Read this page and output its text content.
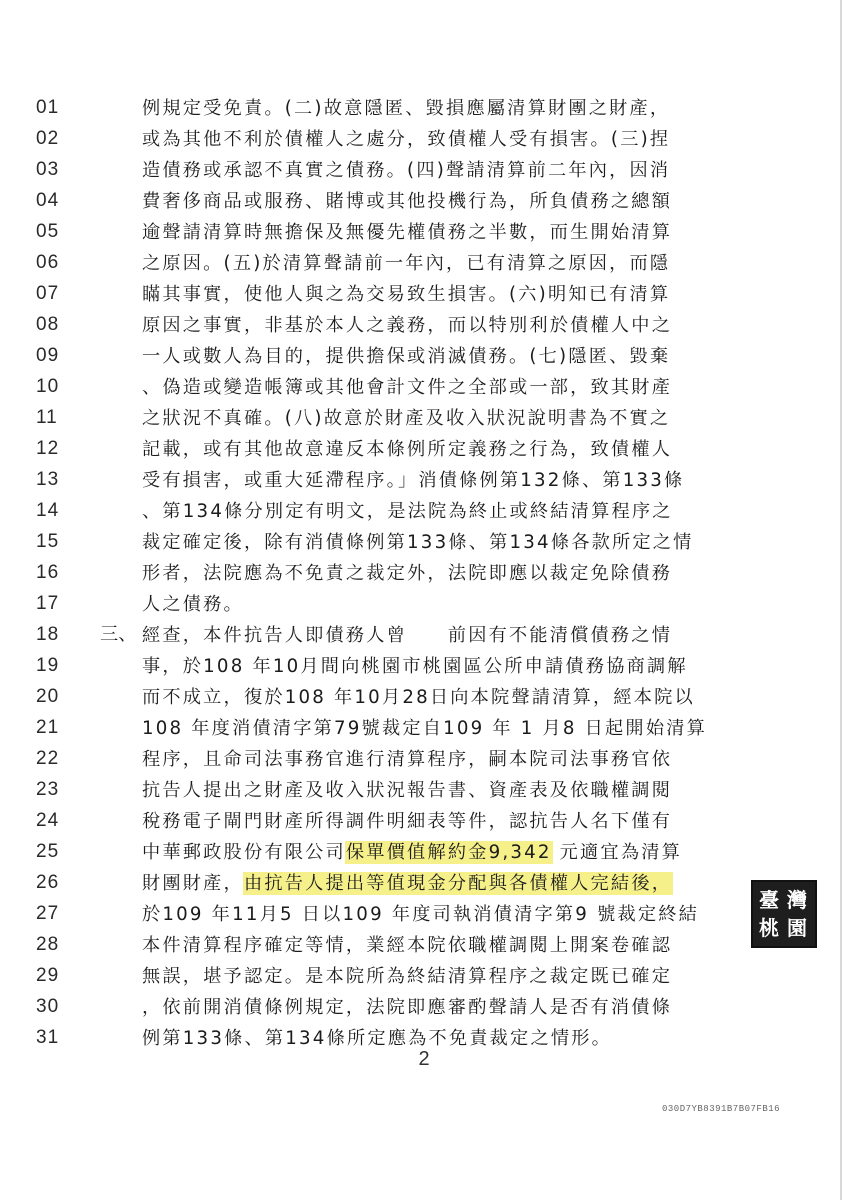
01
02
03
04
05
06
07
08
09
10
11
12
13
14
15
16
17
18
19
20
21
22
23
24
25
26
27
28
29
30
31
三、
例規定受免責。(二)故意隱匿、毀損應屬清算財團之財產，
或為其他不利於債權人之處分，致債權人受有損害。(三)捏
造債務或承認不真實之債務。(四)聲請清算前二年內，因消
費奢侈商品或服務、賭博或其他投機行為，所負債務之總額
逾聲請清算時無擔保及無優先權債務之半數，而生開始清算
之原因。(五)於清算聲請前一年內，已有清算之原因，而隱
瞞其事實，使他人與之為交易致生損害。(六)明知已有清算
原因之事實，非基於本人之義務，而以特別利於債權人中之
一人或數人為目的，提供擔保或消滅債務。(七)隱匿、毀棄
、偽造或變造帳簿或其他會計文件之全部或一部，致其財產
之狀況不真確。(八)故意於財產及收入狀況說明書為不實之
記載，或有其他故意違反本條例所定義務之行為，致債權人
受有損害，或重大延滯程序。」消債條例第132條、第133條
、第134條分別定有明文，是法院為終止或終結清算程序之
裁定確定後，除有消債條例第133條、第134條各款所定之情
形者，法院應為不免責之裁定外，法院即應以裁定免除債務
人之債務。
經查，本件抗告人即債務人曾　　前因有不能清償債務之情
事，於108 年10月間向桃園市桃園區公所申請債務協商調解
而不成立，復於108 年10月28日向本院聲請清算，經本院以
108 年度消債清字第79號裁定自109 年 1 月8 日起開始清算
程序，且命司法事務官進行清算程序，嗣本院司法事務官依
抗告人提出之財產及收入狀況報告書、資產表及依職權調閱
稅務電子閘門財產所得調件明細表等件，認抗告人名下僅有
中華郵政股份有限公司保單價值解約金9,342 元適宜為清算
財團財產，由抗告人提出等值現金分配與各債權人完結後，
於109 年11月5 日以109 年度司執消債清字第9 號裁定終結
本件清算程序確定等情，業經本院依職權調閱上開案卷確認
無誤，堪予認定。是本院所為終結清算程序之裁定既已確定
，依前開消債條例規定，法院即應審酌聲請人是否有消債條
例第133條、第134條所定應為不免責裁定之情形。
臺 灣
桃 園
2
030D7YB8391B7B07FB16
